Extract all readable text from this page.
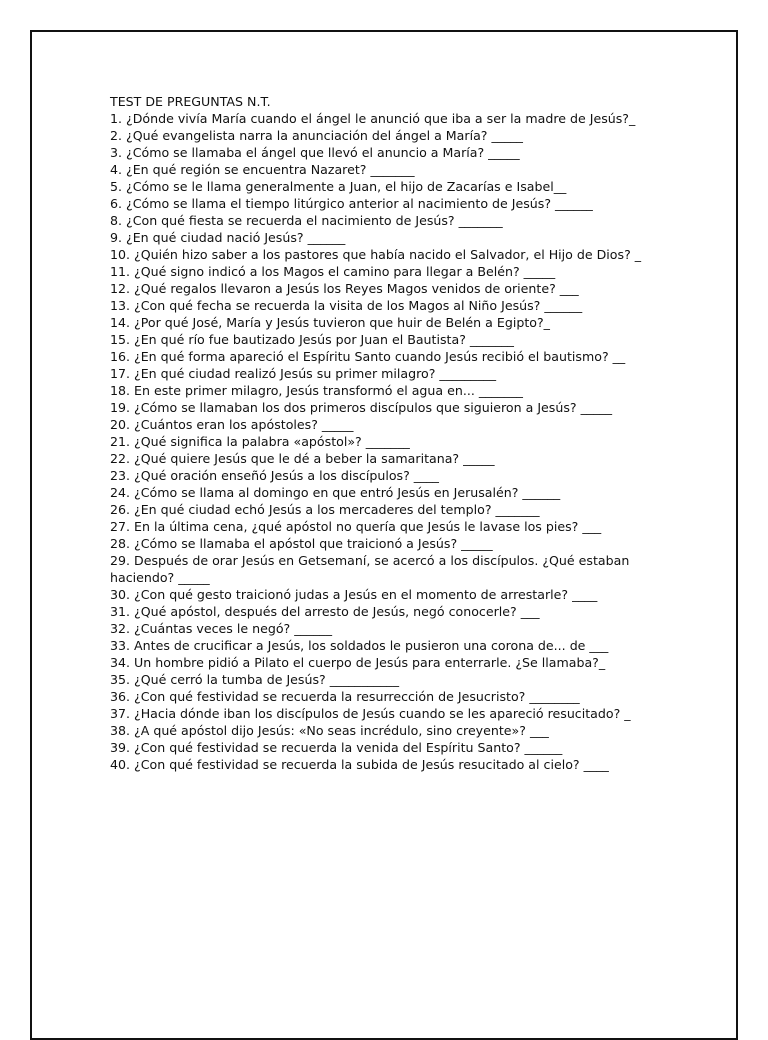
TEST DE PREGUNTAS N.T.

1. ¿Dónde vivía María cuando el ángel le anunció que iba a ser la madre de Jesús?_

2. ¿Qué evangelista narra la anunciación del ángel a María? _____

3. ¿Cómo se llamaba el ángel que llevó el anuncio a María? _____

4. ¿En qué región se encuentra Nazaret? _______

5. ¿Cómo se le llama generalmente a Juan, el hijo de Zacarías e Isabel__

6. ¿Cómo se llama el tiempo litúrgico anterior al nacimiento de Jesús? ______

8. ¿Con qué fiesta se recuerda el nacimiento de Jesús? _______

9. ¿En qué ciudad nació Jesús? ______

10. ¿Quién hizo saber a los pastores que había nacido el Salvador, el Hijo de Dios? _

11. ¿Qué signo indicó a los Magos el camino para llegar a Belén? _____

12. ¿Qué regalos llevaron a Jesús los Reyes Magos venidos de oriente? ___

13. ¿Con qué fecha se recuerda la visita de los Magos al Niño Jesús? ______

14. ¿Por qué José, María y Jesús tuvieron que huir de Belén a Egipto?_

15. ¿En qué río fue bautizado Jesús por Juan el Bautista? _______

16. ¿En qué forma apareció el Espíritu Santo cuando Jesús recibió el bautismo? __

17. ¿En qué ciudad realizó Jesús su primer milagro? _________

18. En este primer milagro, Jesús transformó el agua en... _______

19. ¿Cómo se llamaban los dos primeros discípulos que siguieron a Jesús? _____

20. ¿Cuántos eran los apóstoles? _____

21. ¿Qué significa la palabra «apóstol»? _______

22. ¿Qué quiere Jesús que le dé a beber la samaritana? _____

23. ¿Qué oración enseñó Jesús a los discípulos? ____

24. ¿Cómo se llama al domingo en que entró Jesús en Jerusalén? ______

26. ¿En qué ciudad echó Jesús a los mercaderes del templo? _______

27. En la última cena, ¿qué apóstol no quería que Jesús le lavase los pies? ___

28. ¿Cómo se llamaba el apóstol que traicionó a Jesús? _____

29. Después de orar Jesús en Getsemaní, se acercó a los discípulos. ¿Qué estaban haciendo? _____

30. ¿Con qué gesto traicionó judas a Jesús en el momento de arrestarle? ____

31. ¿Qué apóstol, después del arresto de Jesús, negó conocerle? ___

32. ¿Cuántas veces le negó? ______

33. Antes de crucificar a Jesús, los soldados le pusieron una corona de... de ___

34. Un hombre pidió a Pilato el cuerpo de Jesús para enterrarle. ¿Se llamaba?_

35. ¿Qué cerró la tumba de Jesús? ___________

36. ¿Con qué festividad se recuerda la resurrección de Jesucristo? ________

37. ¿Hacia dónde iban los discípulos de Jesús cuando se les apareció resucitado? _

38. ¿A qué apóstol dijo Jesús: «No seas incrédulo, sino creyente»? ___

39. ¿Con qué festividad se recuerda la venida del Espíritu Santo? ______

40. ¿Con qué festividad se recuerda la subida de Jesús resucitado al cielo? ____
